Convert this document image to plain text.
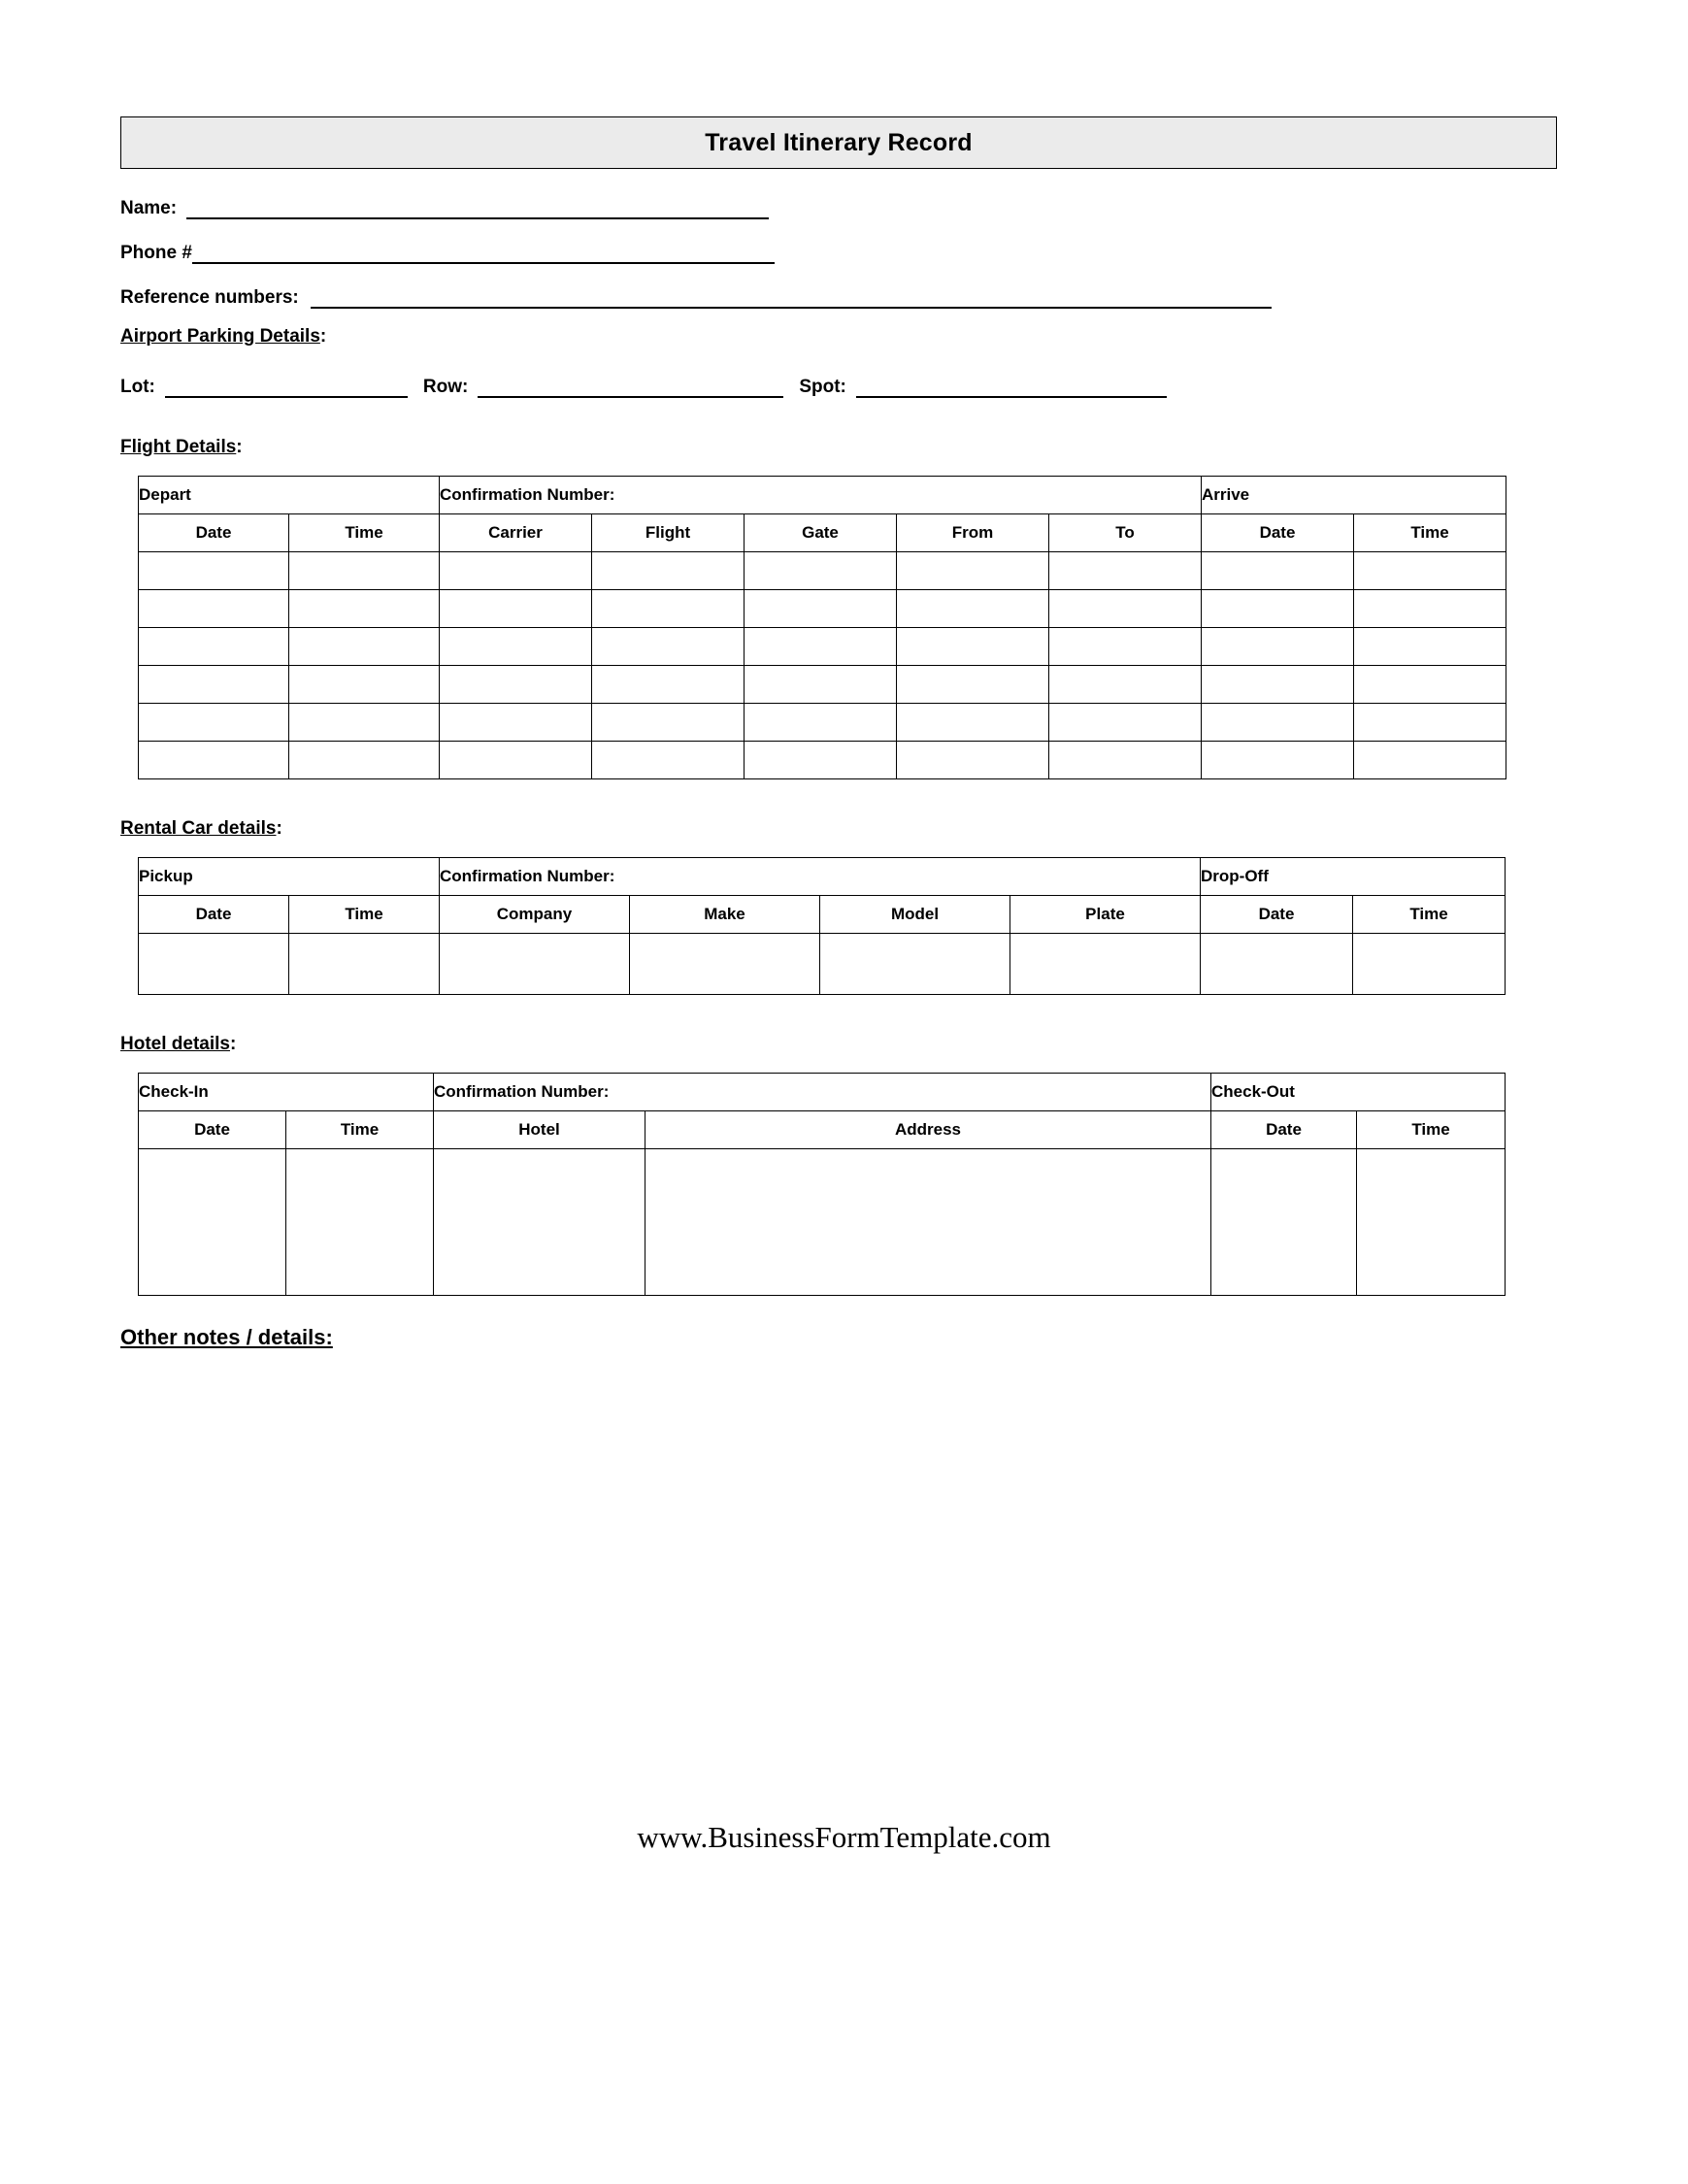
Travel Itinerary Record
Name:
Phone #
Reference numbers:
Airport Parking Details:
Lot:	Row:	Spot:
Flight Details:
Depart		Confirmation Number:					Arrive	
Date	Time	Carrier	Flight	Gate	From	To	Date	Time

Rental Car details:
Pickup		Confirmation Number:				Drop-Off	
Date	Time	Company	Make	Model	Plate	Date	Time

Hotel details:
Check-In		Confirmation Number:		Check-Out	
Date	Time	Hotel	Address	Date	Time

Other notes / details:
www.BusinessFormTemplate.com
